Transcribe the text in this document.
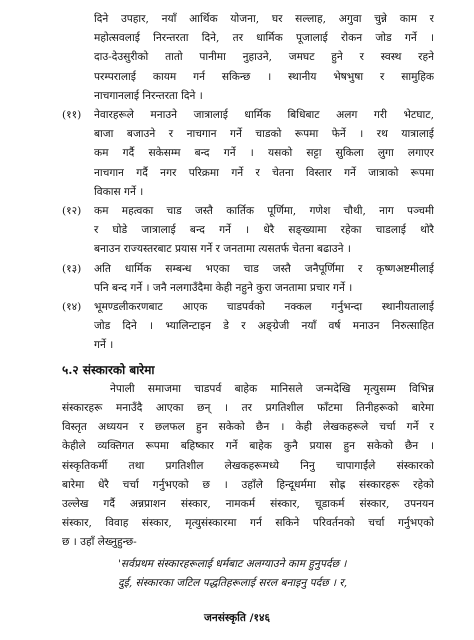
दिने उपहार, नयाँ आर्थिक योजना, घर सल्लाह, अगुवा चुन्ने काम र
महोत्सवलाई निरन्तरता दिने, तर धार्मिक पूजालाई रोकन जोड गर्ने ।
दाउ-देउसुरीको तातो पानीमा नुहाउने, जमघट हुने र स्वस्थ रहने
परम्परालाई कायम गर्न सकिन्छ । स्थानीय भेषभुषा र सामुहिक
नाचगानलाई निरन्तरता दिने ।
(११) नेवारहरूले मनाउने जात्रालाई धार्मिक बिधिबाट अलग गरी भेटघाट,
बाजा बजाउने र नाचगान गर्ने चाडको रूपमा फेर्ने । रथ यात्रालाई
कम गर्दै सकेसम्म बन्द गर्ने । यसको सट्टा सुकिला लुगा लगाएर
नाचगान गर्दै नगर परिक्रमा गर्ने र चेतना विस्तार गर्ने जात्राको रूपमा
विकास गर्ने ।
(१२) कम महत्वका चाड जस्तै कार्तिक पूर्णिमा, गणेश चौथी, नाग पञ्चमी
र घोडे जात्रालाई बन्द गर्ने । धेरै सङ्ख्यामा रहेका चाडलाई थोरै
बनाउन राज्यस्तरबाट प्रयास गर्ने र जनतामा त्यसतर्फ चेतना बढाउने ।
(१३) अति धार्मिक सम्बन्ध भएका चाड जस्तै जनैपूर्णिमा र कृष्णअष्टमीलाई
पनि बन्द गर्ने । जनै नलगाउँदैमा केही नहुने कुरा जनतामा प्रचार गर्ने ।
(१४) भूमण्डलीकरणबाट आएक चाडपर्वको नक्कल गर्नुभन्दा स्थानीयतालाई
जोड दिने । भ्यालिन्टाइन डे र अङ्ग्रेजी नयाँ वर्ष मनाउन निरुत्साहित
गर्ने ।
५.२ संस्कारको बारेमा
नेपाली समाजमा चाडपर्व बाहेक मानिसले जन्मदेखि मृत्युसम्म विभिन्न
संस्कारहरू मनाउँदै आएका छन् । तर प्रगतिशील फाँटमा तिनीहरूको बारेमा
विस्तृत अध्ययन र छलफल हुन सकेको छैन । केही लेखकहरूले चर्चा गर्ने र
केहीले व्यक्तिगत रूपमा बहिष्कार गर्ने बाहेक कुनै प्रयास हुन सकेको छैन ।
संस्कृतिकर्मी तथा प्रगतिशील लेखकहरूमध्ये निनु चापागाईंले संस्कारको
बारेमा धेरै चर्चा गर्नुभएको छ । उहाँले हिन्दूधर्ममा सोह्र संस्कारहरू रहेको
उल्लेख गर्दै अन्नप्राशन संस्कार, नामकर्म संस्कार, चूडाकर्म संस्कार, उपनयन
संस्कार, विवाह संस्कार, मृत्युसंस्कारमा गर्न सकिने परिवर्तनको चर्चा गर्नुभएको
छ । उहाँ लेख्नुहुन्छ-
'सर्वप्रथम संस्कारहरूलाई धर्मबाट अलग्याउने काम हुनुपर्दछ ।
दुई, संस्कारका जटिल पद्धतिहरूलाई सरल बनाइनु पर्दछ । र,
जनसंस्कृति /१४६
